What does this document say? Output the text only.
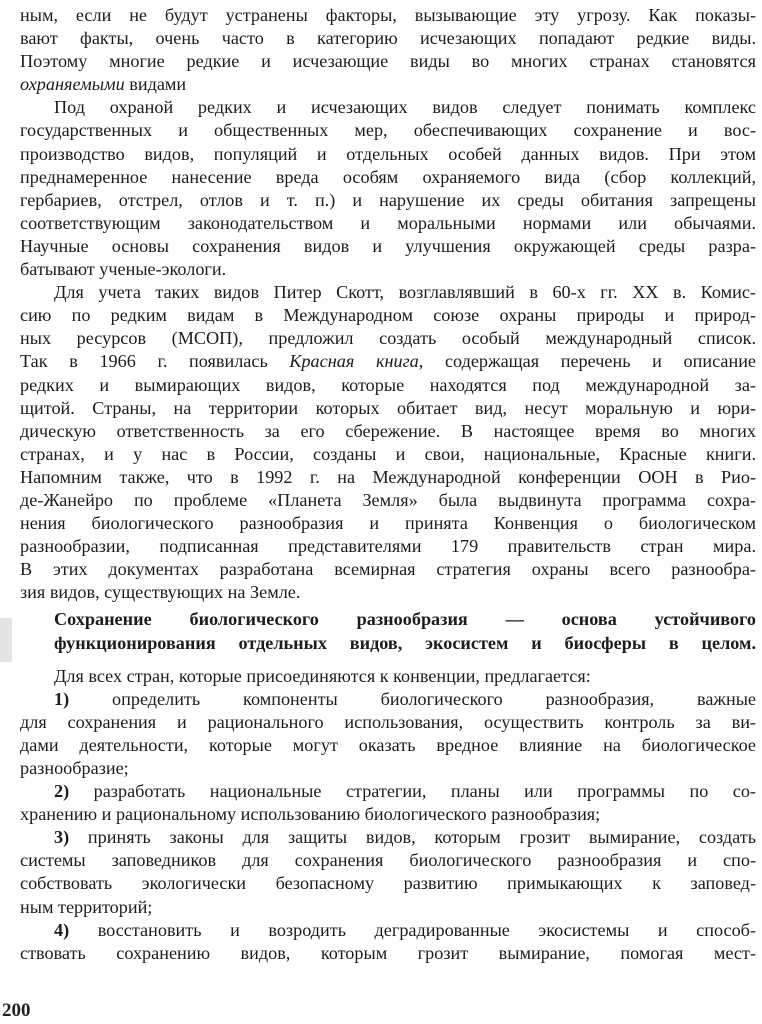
ным, если не будут устранены факторы, вызывающие эту угрозу. Как показы-
вают факты, очень часто в категорию исчезающих попадают редкие виды.
Поэтому многие редкие и исчезающие виды во многих странах становятся
охраняемыми видами
Под охраной редких и исчезающих видов следует понимать комплекс
государственных и общественных мер, обеспечивающих сохранение и вос-
производство видов, популяций и отдельных особей данных видов. При этом
преднамеренное нанесение вреда особям охраняемого вида (сбор коллекций,
гербариев, отстрел, отлов и т. п.) и нарушение их среды обитания запрещены
соответствующим законодательством и моральными нормами или обычаями.
Научные основы сохранения видов и улучшения окружающей среды разра-
батывают ученые-экологи.
Для учета таких видов Питер Скотт, возглавлявший в 60-х гг. XX в. Комис-
сию по редким видам в Международном союзе охраны природы и природ-
ных ресурсов (МСОП), предложил создать особый международный список.
Так в 1966 г. появилась Красная книга, содержащая перечень и описание
редких и вымирающих видов, которые находятся под международной за-
щитой. Страны, на территории которых обитает вид, несут моральную и юри-
дическую ответственность за его сбережение. В настоящее время во многих
странах, и у нас в России, созданы и свои, национальные, Красные книги.
Напомним также, что в 1992 г. на Международной конференции ООН в Рио-
де-Жанейро по проблеме «Планета Земля» была выдвинута программа сохра-
нения биологического разнообразия и принята Конвенция о биологическом
разнообразии, подписанная представителями 179 правительств стран мира.
В этих документах разработана всемирная стратегия охраны всего разнообра-
зия видов, существующих на Земле.
Сохранение биологического разнообразия — основа устойчивого
функционирования отдельных видов, экосистем и биосферы в целом.
Для всех стран, которые присоединяются к конвенции, предлагается:
1) определить компоненты биологического разнообразия, важные
для сохранения и рационального использования, осуществить контроль за ви-
дами деятельности, которые могут оказать вредное влияние на биологическое
разнообразие;
2) разработать национальные стратегии, планы или программы по со-
хранению и рациональному использованию биологического разнообразия;
3) принять законы для защиты видов, которым грозит вымирание, создать
системы заповедников для сохранения биологического разнообразия и спо-
собствовать экологически безопасному развитию примыкающих к заповед-
ным территорий;
4) восстановить и возродить деградированные экосистемы и способ-
ствовать сохранению видов, которым грозит вымирание, помогая мест-
200
